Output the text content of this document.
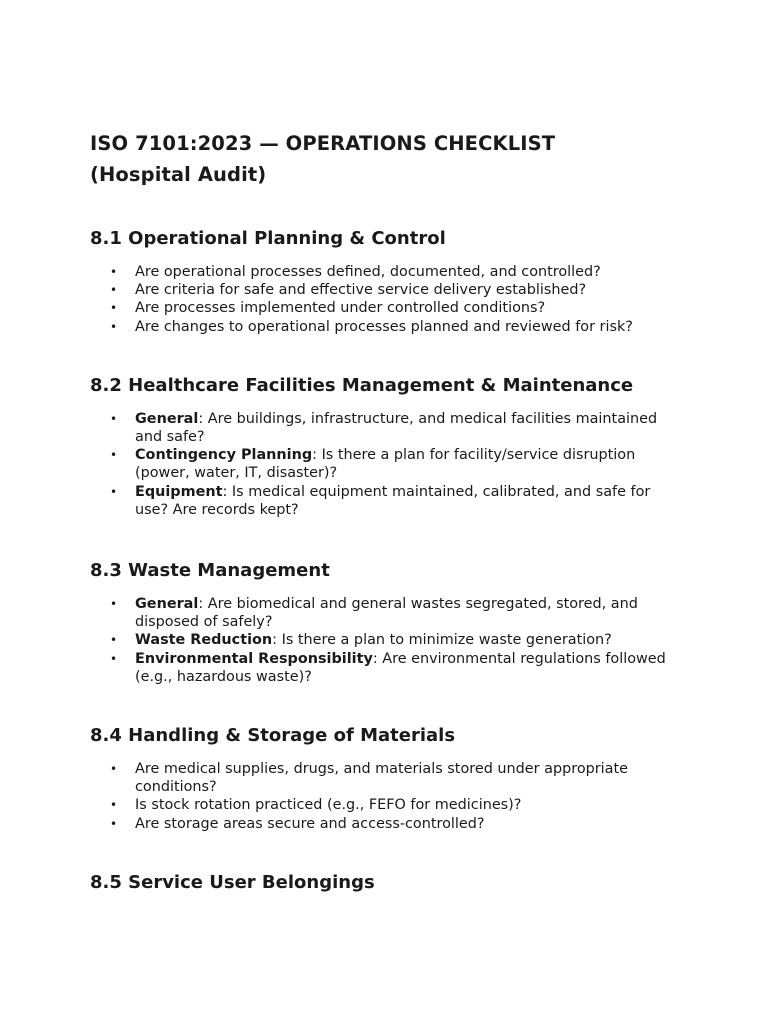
ISO 7101:2023 — OPERATIONS CHECKLIST
(Hospital Audit)
8.1 Operational Planning & Control
• Are operational processes defined, documented, and controlled?
• Are criteria for safe and effective service delivery established?
• Are processes implemented under controlled conditions?
• Are changes to operational processes planned and reviewed for risk?
8.2 Healthcare Facilities Management & Maintenance
• General: Are buildings, infrastructure, and medical facilities maintained and safe?
• Contingency Planning: Is there a plan for facility/service disruption (power, water, IT, disaster)?
• Equipment: Is medical equipment maintained, calibrated, and safe for use? Are records kept?
8.3 Waste Management
• General: Are biomedical and general wastes segregated, stored, and disposed of safely?
• Waste Reduction: Is there a plan to minimize waste generation?
• Environmental Responsibility: Are environmental regulations followed (e.g., hazardous waste)?
8.4 Handling & Storage of Materials
• Are medical supplies, drugs, and materials stored under appropriate conditions?
• Is stock rotation practiced (e.g., FEFO for medicines)?
• Are storage areas secure and access-controlled?
8.5 Service User Belongings
